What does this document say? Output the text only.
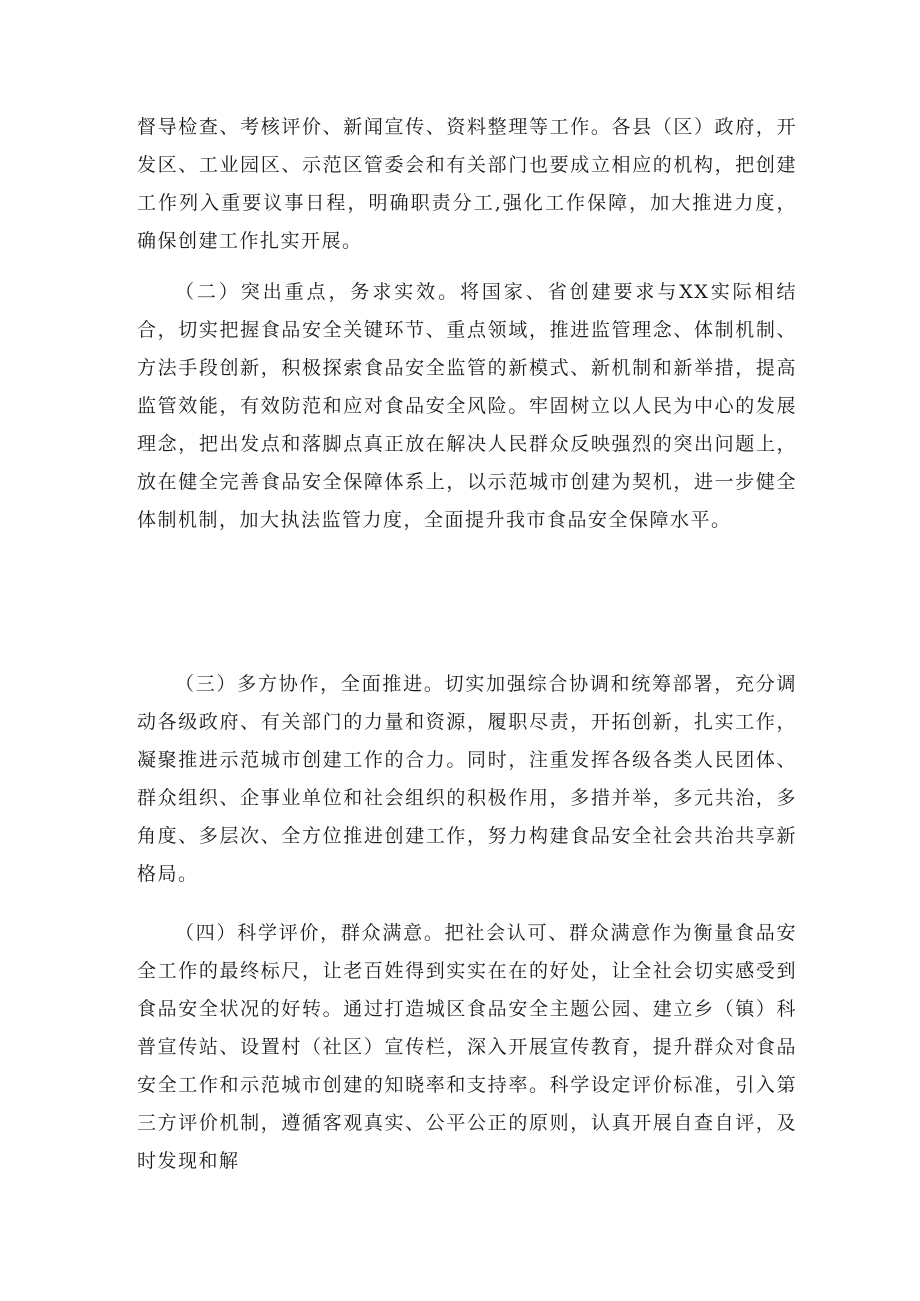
督导检查、考核评价、新闻宣传、资料整理等工作。各县（区）政府，开发区、工业园区、示范区管委会和有关部门也要成立相应的机构，把创建工作列入重要议事日程，明确职责分工,强化工作保障，加大推进力度，确保创建工作扎实开展。

（二）突出重点，务求实效。将国家、省创建要求与XX实际相结合，切实把握食品安全关键环节、重点领域，推进监管理念、体制机制、方法手段创新，积极探索食品安全监管的新模式、新机制和新举措，提高监管效能，有效防范和应对食品安全风险。牢固树立以人民为中心的发展理念，把出发点和落脚点真正放在解决人民群众反映强烈的突出问题上，放在健全完善食品安全保障体系上，以示范城市创建为契机，进一步健全体制机制，加大执法监管力度，全面提升我市食品安全保障水平。

（三）多方协作，全面推进。切实加强综合协调和统筹部署，充分调动各级政府、有关部门的力量和资源，履职尽责，开拓创新，扎实工作，凝聚推进示范城市创建工作的合力。同时，注重发挥各级各类人民团体、群众组织、企事业单位和社会组织的积极作用，多措并举，多元共治，多角度、多层次、全方位推进创建工作，努力构建食品安全社会共治共享新格局。

（四）科学评价，群众满意。把社会认可、群众满意作为衡量食品安全工作的最终标尺，让老百姓得到实实在在的好处，让全社会切实感受到食品安全状况的好转。通过打造城区食品安全主题公园、建立乡（镇）科普宣传站、设置村（社区）宣传栏，深入开展宣传教育，提升群众对食品安全工作和示范城市创建的知晓率和支持率。科学设定评价标准，引入第三方评价机制，遵循客观真实、公平公正的原则，认真开展自查自评，及时发现和解
